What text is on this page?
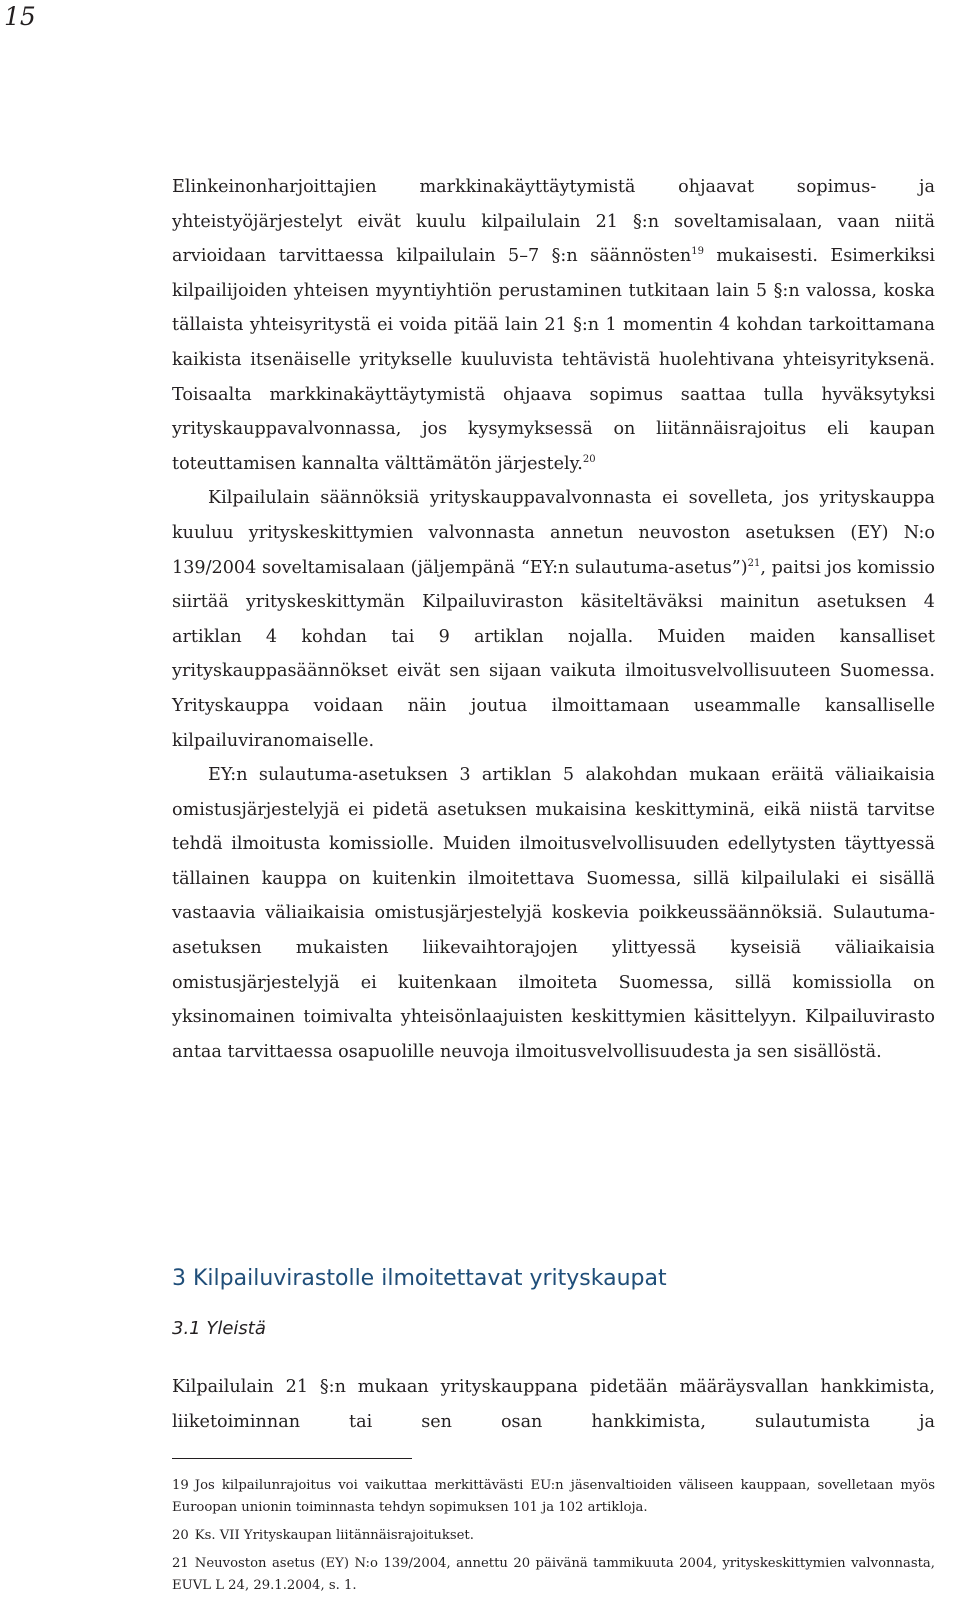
15

Elinkeinonharjoittajien markkinakäyttäytymistä ohjaavat sopimus- ja yhteistyöjärjestelyt eivät kuulu kilpailulain 21 §:n soveltamisalaan, vaan niitä arvioidaan tarvittaessa kilpailulain 5–7 §:n säännösten$^{19}$ mukaisesti. Esimerkiksi kilpailijoiden yhteisen myyntiyhtiön perustaminen tutkitaan lain 5 §:n valossa, koska tällaista yhteisyritystä ei voida pitää lain 21 §:n 1 momentin 4 kohdan tarkoittamana kaikista itsenäiselle yritykselle kuuluvista tehtävistä huolehtivana yhteisyrityksenä. Toisaalta markkinakäyttäytymistä ohjaava sopimus saattaa tulla hyväksytyksi yrityskauppavalvonnassa, jos kysymyksessä on liitännäisrajoitus eli kaupan toteuttamisen kannalta välttämätön järjestely.$^{20}$

Kilpailulain säännöksiä yrityskauppavalvonnasta ei sovelleta, jos yrityskauppa kuuluu yrityskeskittymien valvonnasta annetun neuvoston asetuksen (EY) N:o 139/2004 soveltamisalaan (jäljempänä “EY:n sulautuma-asetus”)$^{21}$, paitsi jos komissio siirtää yrityskeskittymän Kilpailuviraston käsiteltäväksi mainitun asetuksen 4 artiklan 4 kohdan tai 9 artiklan nojalla. Muiden maiden kansalliset yrityskauppasäännökset eivät sen sijaan vaikuta ilmoitusvelvollisuuteen Suomessa. Yrityskauppa voidaan näin joutua ilmoittamaan useammalle kansalliselle kilpailuviranomaiselle.

EY:n sulautuma-asetuksen 3 artiklan 5 alakohdan mukaan eräitä väliaikaisia omistusjärjestelyjä ei pidetä asetuksen mukaisina keskittyminä, eikä niistä tarvitse tehdä ilmoitusta komissiolle. Muiden ilmoitusvelvollisuuden edellytysten täyttyessä tällainen kauppa on kuitenkin ilmoitettava Suomessa, sillä kilpailulaki ei sisällä vastaavia väliaikaisia omistusjärjestelyjä koskevia poikkeussäännöksiä. Sulautuma-asetuksen mukaisten liikevaihtorajojen ylittyessä kyseisiä väliaikaisia omistusjärjestelyjä ei kuitenkaan ilmoiteta Suomessa, sillä komissiolla on yksinomainen toimivalta yhteisönlaajuisten keskittymien käsittelyyn. Kilpailuvirasto antaa tarvittaessa osapuolille neuvoja ilmoitusvelvollisuudesta ja sen sisällöstä.

3 Kilpailuvirastolle ilmoitettavat yrityskaupat
3.1 Yleistä

Kilpailulain 21 §:n mukaan yrityskauppana pidetään määräysvallan hankkimista, liiketoiminnan tai sen osan hankkimista, sulautumista ja

19 Jos kilpailunrajoitus voi vaikuttaa merkittävästi EU:n jäsenvaltioiden väliseen kauppaan, sovelletaan myös Euroopan unionin toiminnasta tehdyn sopimuksen 101 ja 102 artikloja.

20 Ks. VII Yrityskaupan liitännäisrajoitukset.

21 Neuvoston asetus (EY) N:o 139/2004, annettu 20 päivänä tammikuuta 2004, yrityskeskittymien valvonnasta, EUVL L 24, 29.1.2004, s. 1.
